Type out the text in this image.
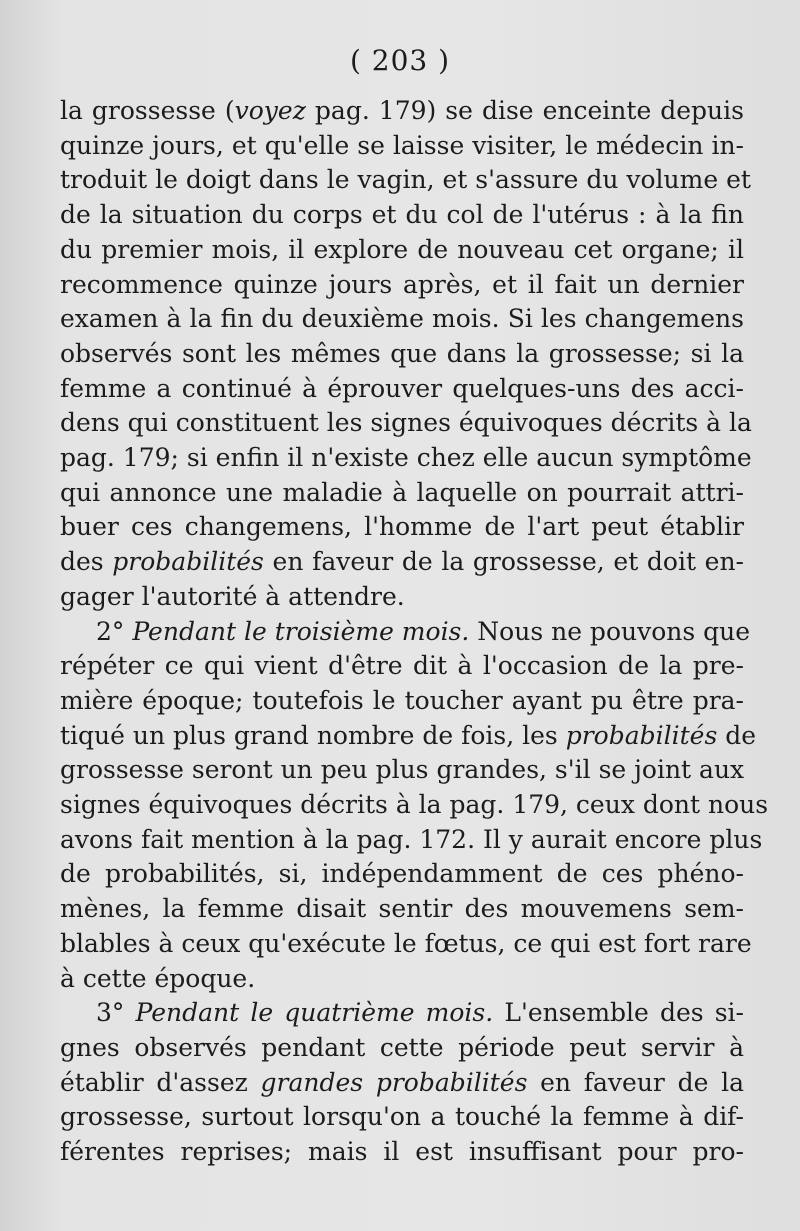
( 203 )
la grossesse (voyez pag. 179) se dise enceinte depuis
quinze jours, et qu'elle se laisse visiter, le médecin in-
troduit le doigt dans le vagin, et s'assure du volume et
de la situation du corps et du col de l'utérus : à la fin
du premier mois, il explore de nouveau cet organe; il
recommence quinze jours après, et il fait un dernier
examen à la fin du deuxième mois. Si les changemens
observés sont les mêmes que dans la grossesse; si la
femme a continué à éprouver quelques-uns des acci-
dens qui constituent les signes équivoques décrits à la
pag. 179; si enfin il n'existe chez elle aucun symptôme
qui annonce une maladie à laquelle on pourrait attri-
buer ces changemens, l'homme de l'art peut établir
des probabilités en faveur de la grossesse, et doit en-
gager l'autorité à attendre.
2° Pendant le troisième mois. Nous ne pouvons que
répéter ce qui vient d'être dit à l'occasion de la pre-
mière époque; toutefois le toucher ayant pu être pra-
tiqué un plus grand nombre de fois, les probabilités de
grossesse seront un peu plus grandes, s'il se joint aux
signes équivoques décrits à la pag. 179, ceux dont nous
avons fait mention à la pag. 172. Il y aurait encore plus
de probabilités, si, indépendamment de ces phéno-
mènes, la femme disait sentir des mouvemens sem-
blables à ceux qu'exécute le fœtus, ce qui est fort rare
à cette époque.
3° Pendant le quatrième mois. L'ensemble des si-
gnes observés pendant cette période peut servir à
établir d'assez grandes probabilités en faveur de la
grossesse, surtout lorsqu'on a touché la femme à dif-
férentes reprises; mais il est insuffisant pour pro-
